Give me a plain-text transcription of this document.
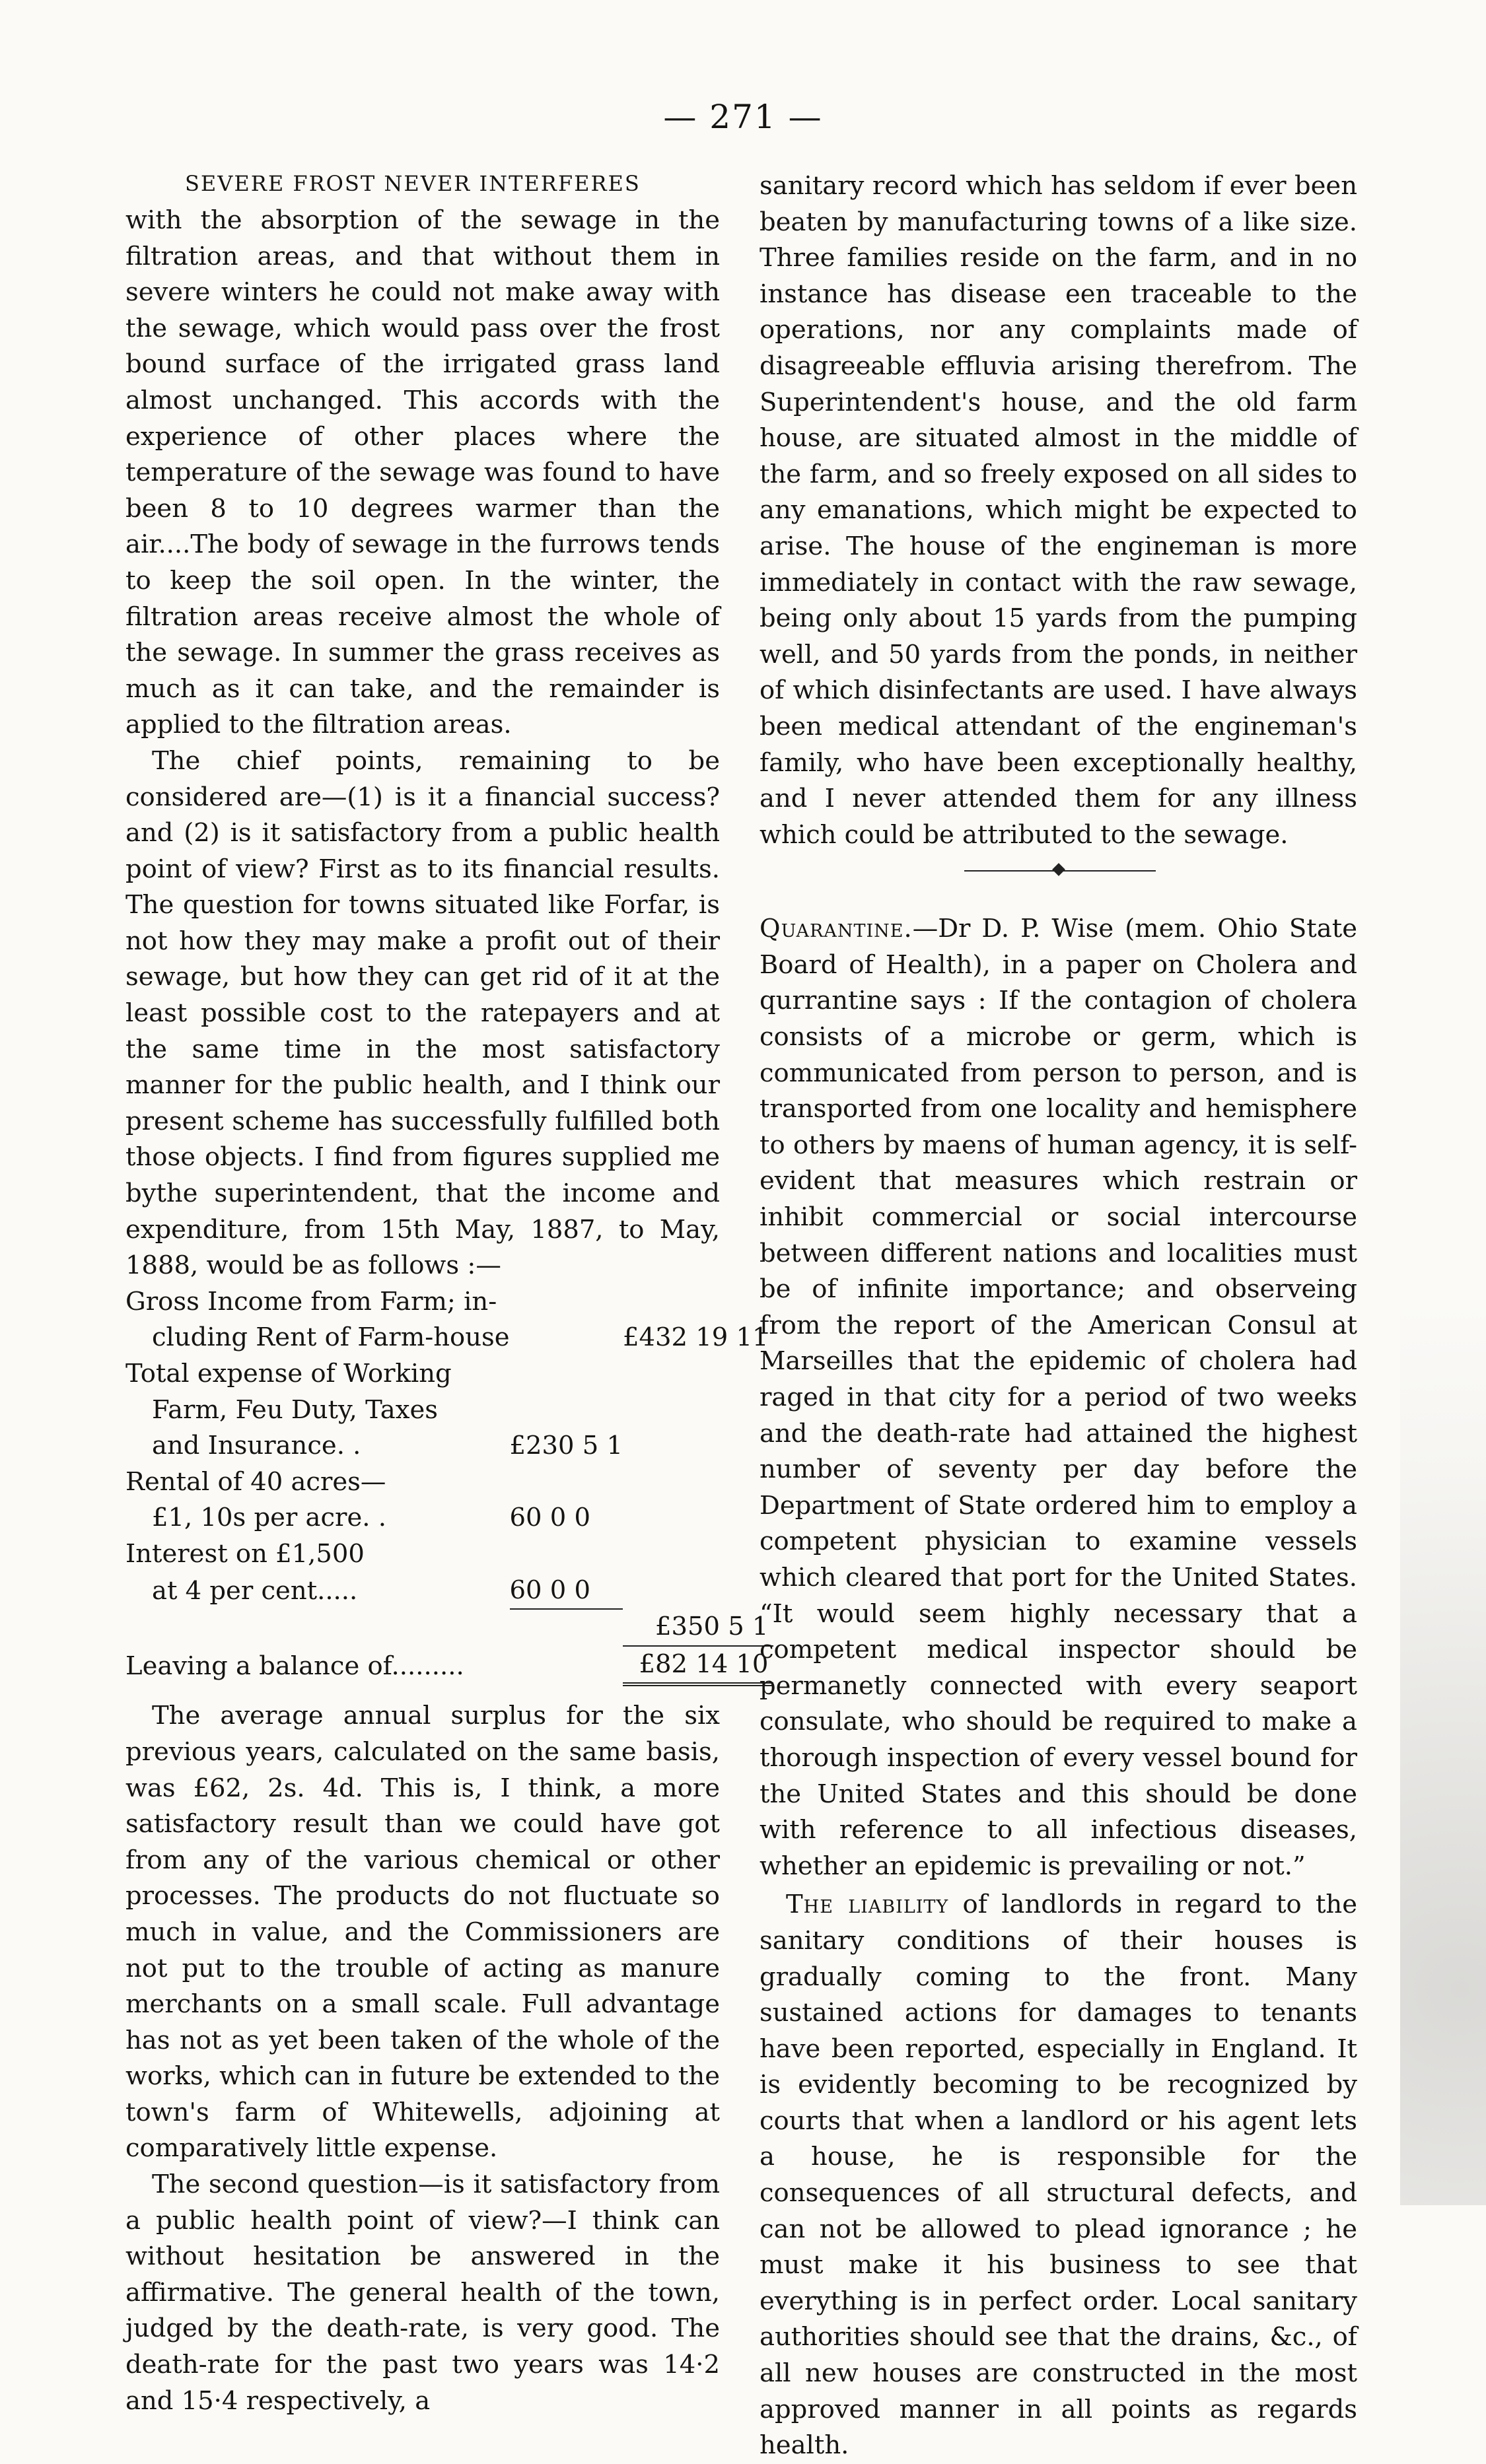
— 271 —
SEVERE FROST NEVER INTERFERES

with the absorption of the sewage in the filtration areas, and that without them in severe winters he could not make away with the sewage, which would pass over the frost bound surface of the irrigated grass land almost unchanged. This accords with the experience of other places where the temperature of the sewage was found to have been 8 to 10 degrees warmer than the air....The body of sewage in the furrows tends to keep the soil open. In the winter, the filtration areas receive almost the whole of the sewage. In summer the grass receives as much as it can take, and the remainder is applied to the filtration areas.

The chief points, remaining to be considered are—(1) is it a financial success? and (2) is it satisfactory from a public health point of view? First as to its financial results. The question for towns situated like Forfar, is not how they may make a profit out of their sewage, but how they can get rid of it at the least possible cost to the ratepayers and at the same time in the most satisfactory manner for the public health, and I think our present scheme has successfully fulfilled both those objects. I find from figures supplied me bythe superintendent, that the income and expenditure, from 15th May, 1887, to May, 1888, would be as follows :—

Gross Income from Farm; in-		
cluding Rent of Farm-house		£432 19 11
Total expense of Working		
Farm, Feu Duty, Taxes		
and Insurance. .	£230 5 1	
Rental of 40 acres—		
£1, 10s per acre. .	60 0 0	
Interest on £1,500		
at 4 per cent.....	60 0 0	
		£350 5 1
Leaving a balance of.........		£82 14 10

The average annual surplus for the six previous years, calculated on the same basis, was £62, 2s. 4d. This is, I think, a more satisfactory result than we could have got from any of the various chemical or other processes. The products do not fluctuate so much in value, and the Commissioners are not put to the trouble of acting as manure merchants on a small scale. Full advantage has not as yet been taken of the whole of the works, which can in future be extended to the town's farm of Whitewells, adjoining at comparatively little expense.

The second question—is it satisfactory from a public health point of view?—I think can without hesitation be answered in the affirmative. The general health of the town, judged by the death-rate, is very good. The death-rate for the past two years was 14·2 and 15·4 respectively, a

sanitary record which has seldom if ever been beaten by manufacturing towns of a like size. Three families reside on the farm, and in no instance has disease een traceable to the operations, nor any complaints made of disagreeable effluvia arising therefrom. The Superintendent's house, and the old farm house, are situated almost in the middle of the farm, and so freely exposed on all sides to any emanations, which might be expected to arise. The house of the engineman is more immediately in contact with the raw sewage, being only about 15 yards from the pumping well, and 50 yards from the ponds, in neither of which disinfectants are used. I have always been medical attendant of the engineman's family, who have been exceptionally healthy, and I never attended them for any illness which could be attributed to the sewage.

Quarantine.—Dr D. P. Wise (mem. Ohio State Board of Health), in a paper on Cholera and qurrantine says : If the contagion of cholera consists of a microbe or germ, which is communicated from person to person, and is transported from one locality and hemisphere to others by maens of human agency, it is self-evident that measures which restrain or inhibit commercial or social intercourse between different nations and localities must be of infinite importance; and observeing from the report of the American Consul at Marseilles that the epidemic of cholera had raged in that city for a period of two weeks and the death-rate had attained the highest number of seventy per day before the Department of State ordered him to employ a competent physician to examine vessels which cleared that port for the United States. “It would seem highly necessary that a competent medical inspector should be permanetly connected with every seaport consulate, who should be required to make a thorough inspection of every vessel bound for the United States and this should be done with reference to all infectious diseases, whether an epidemic is prevailing or not.”

The liability of landlords in regard to the sanitary conditions of their houses is gradually coming to the front. Many sustained actions for damages to tenants have been reported, especially in England. It is evidently becoming to be recognized by courts that when a landlord or his agent lets a house, he is responsible for the consequences of all structural defects, and can not be allowed to plead ignorance ; he must make it his business to see that everything is in perfect order. Local sanitary authorities should see that the drains, &c., of all new houses are constructed in the most approved manner in all points as regards health.
